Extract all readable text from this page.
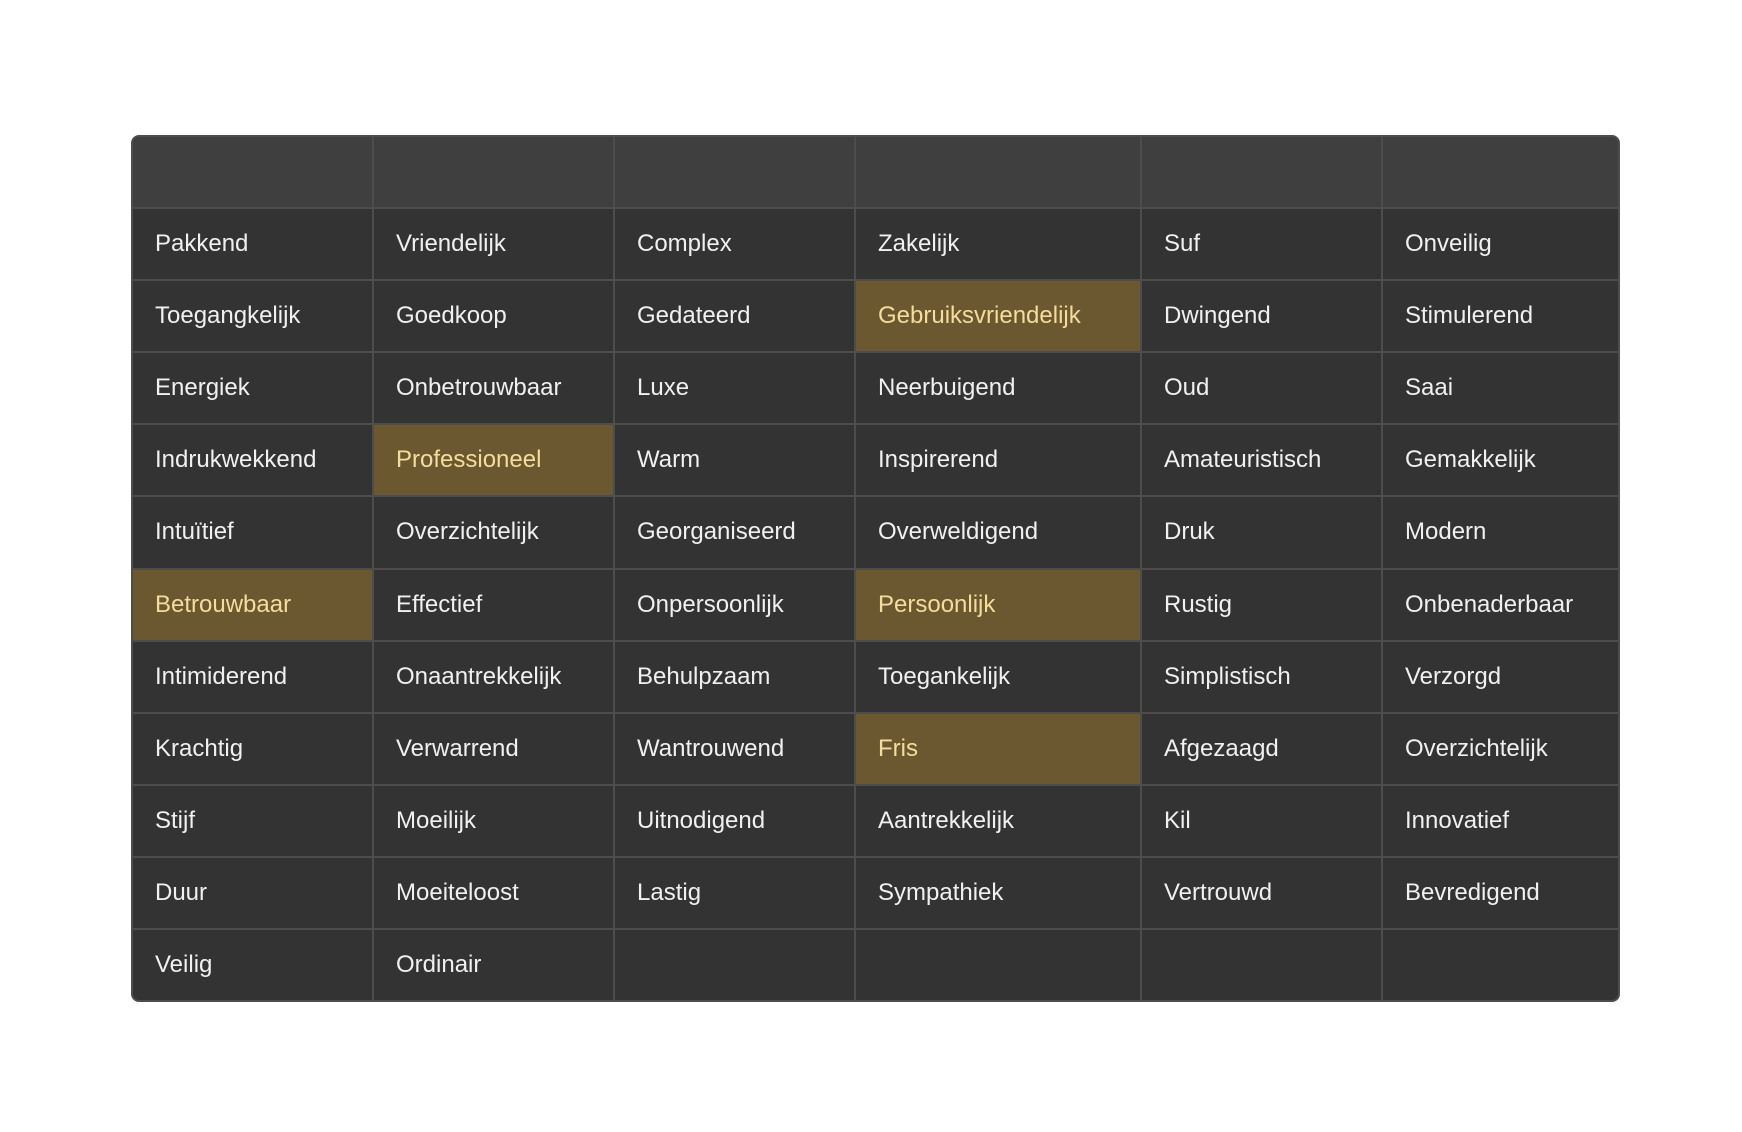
Pakkend	Vriendelijk	Complex	Zakelijk	Suf	Onveilig
Toegangkelijk	Goedkoop	Gedateerd	Gebruiksvriendelijk	Dwingend	Stimulerend
Energiek	Onbetrouwbaar	Luxe	Neerbuigend	Oud	Saai
Indrukwekkend	Professioneel	Warm	Inspirerend	Amateuristisch	Gemakkelijk
Intuïtief	Overzichtelijk	Georganiseerd	Overweldigend	Druk	Modern
Betrouwbaar	Effectief	Onpersoonlijk	Persoonlijk	Rustig	Onbenaderbaar
Intimiderend	Onaantrekkelijk	Behulpzaam	Toegankelijk	Simplistisch	Verzorgd
Krachtig	Verwarrend	Wantrouwend	Fris	Afgezaagd	Overzichtelijk
Stijf	Moeilijk	Uitnodigend	Aantrekkelijk	Kil	Innovatief
Duur	Moeiteloost	Lastig	Sympathiek	Vertrouwd	Bevredigend
Veilig	Ordinair
